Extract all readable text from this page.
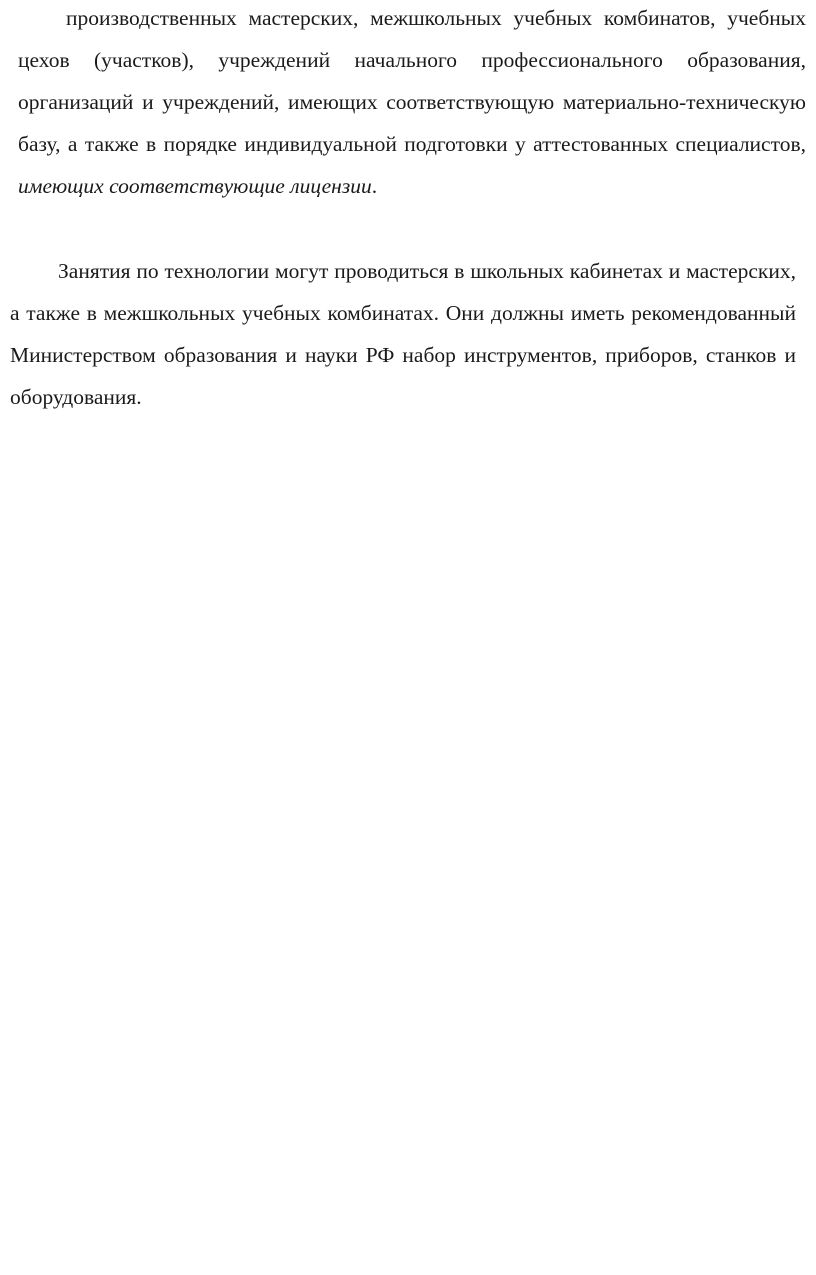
производственных мастерских, межшкольных учебных комбинатов, учебных цехов (участков), учреждений начального профессионального образования, организаций и учреждений, имеющих соответствующую материально-техническую базу, а также в порядке индивидуальной подготовки у аттестованных специалистов, имеющих соответствующие лицензии.

Занятия по технологии могут проводиться в школьных кабинетах и мастерских, а также в межшкольных учебных комбинатах. Они должны иметь рекомендованный Министерством образования и науки РФ набор инструментов, приборов, станков и оборудования.
